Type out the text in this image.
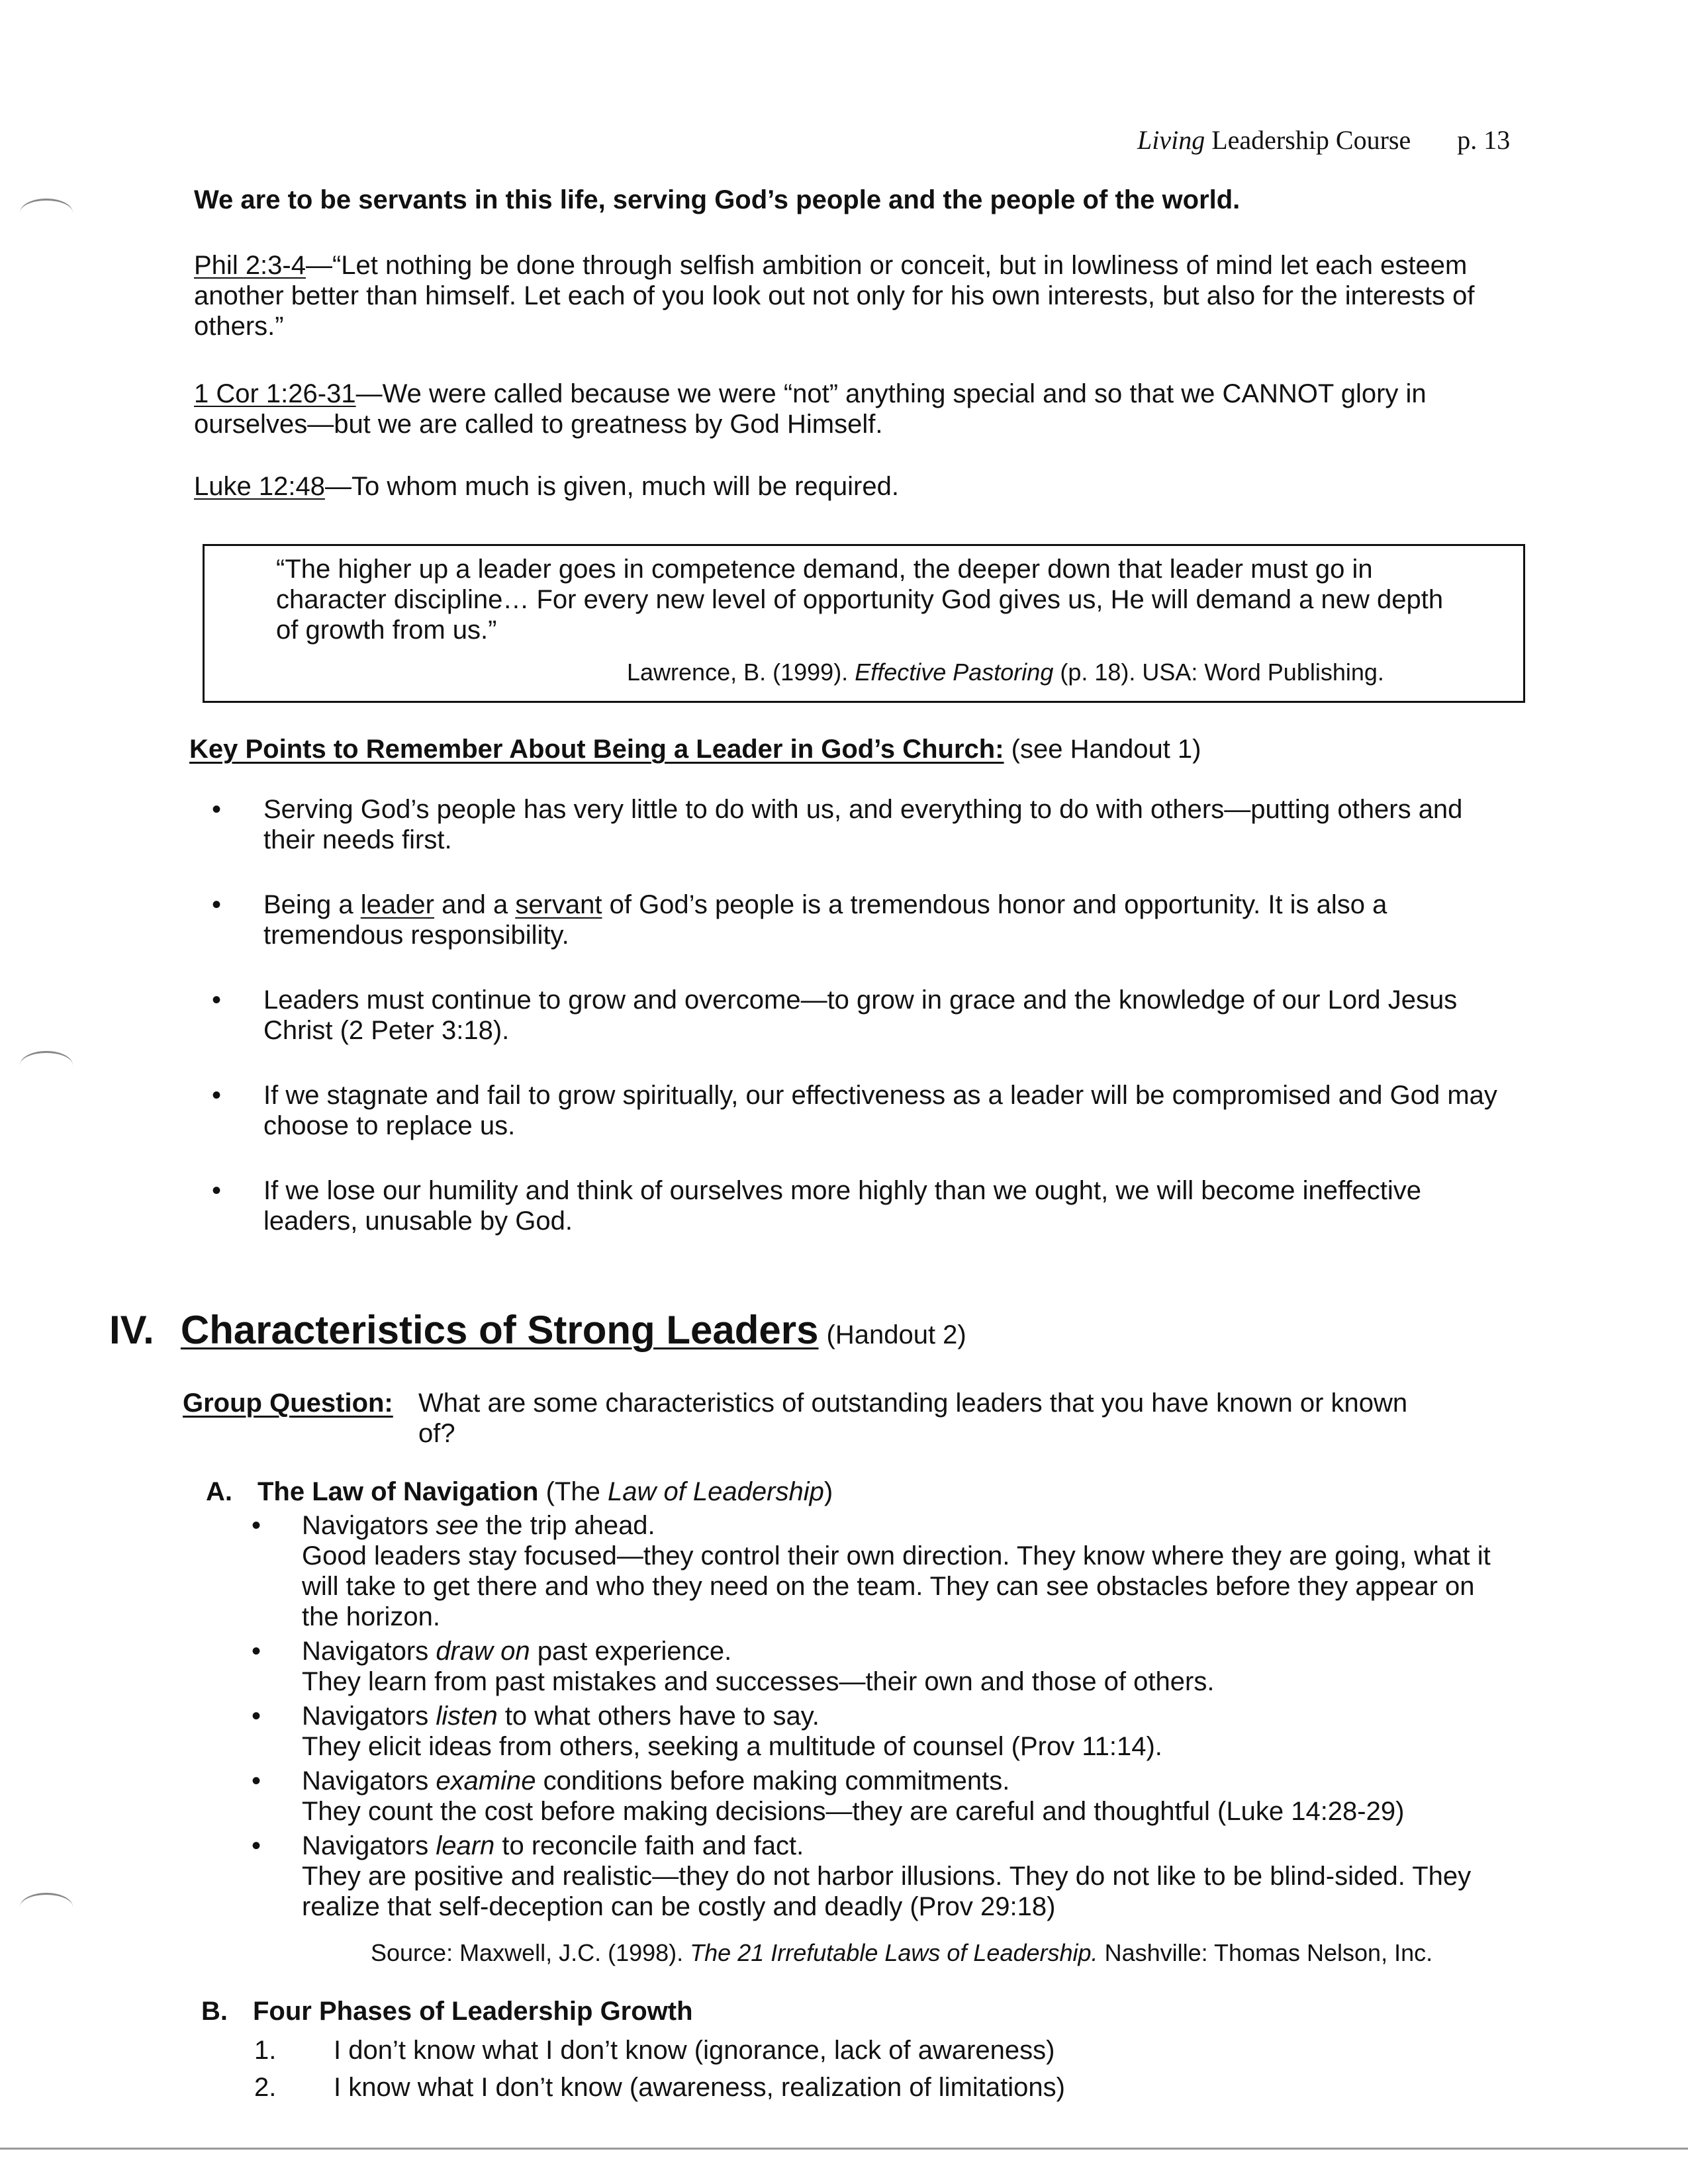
Living Leadership Course p. 13
We are to be servants in this life, serving God’s people and the people of the world.
Phil 2:3-4—“Let nothing be done through selfish ambition or conceit, but in lowliness of mind let each esteem another better than himself. Let each of you look out not only for his own interests, but also for the interests of others.”
1 Cor 1:26-31—We were called because we were “not” anything special and so that we CANNOT glory in ourselves—but we are called to greatness by God Himself.
Luke 12:48—To whom much is given, much will be required.
“The higher up a leader goes in competence demand, the deeper down that leader must go in character discipline… For every new level of opportunity God gives us, He will demand a new depth of growth from us.”
Lawrence, B. (1999). Effective Pastoring (p. 18). USA: Word Publishing.
Key Points to Remember About Being a Leader in God’s Church: (see Handout 1)
• Serving God’s people has very little to do with us, and everything to do with others—putting others and their needs first.
• Being a leader and a servant of God’s people is a tremendous honor and opportunity. It is also a tremendous responsibility.
• Leaders must continue to grow and overcome—to grow in grace and the knowledge of our Lord Jesus Christ (2 Peter 3:18).
• If we stagnate and fail to grow spiritually, our effectiveness as a leader will be compromised and God may choose to replace us.
• If we lose our humility and think of ourselves more highly than we ought, we will become ineffective leaders, unusable by God.
IV. Characteristics of Strong Leaders (Handout 2)
Group Question: What are some characteristics of outstanding leaders that you have known or known of?
A. The Law of Navigation (The Law of Leadership)
• Navigators see the trip ahead.
Good leaders stay focused—they control their own direction. They know where they are going, what it will take to get there and who they need on the team. They can see obstacles before they appear on the horizon.
• Navigators draw on past experience.
They learn from past mistakes and successes—their own and those of others.
• Navigators listen to what others have to say.
They elicit ideas from others, seeking a multitude of counsel (Prov 11:14).
• Navigators examine conditions before making commitments.
They count the cost before making decisions—they are careful and thoughtful (Luke 14:28-29)
• Navigators learn to reconcile faith and fact.
They are positive and realistic—they do not harbor illusions. They do not like to be blind-sided. They realize that self-deception can be costly and deadly (Prov 29:18)
Source: Maxwell, J.C. (1998). The 21 Irrefutable Laws of Leadership. Nashville: Thomas Nelson, Inc.
B. Four Phases of Leadership Growth
1. I don’t know what I don’t know (ignorance, lack of awareness)
2. I know what I don’t know (awareness, realization of limitations)
